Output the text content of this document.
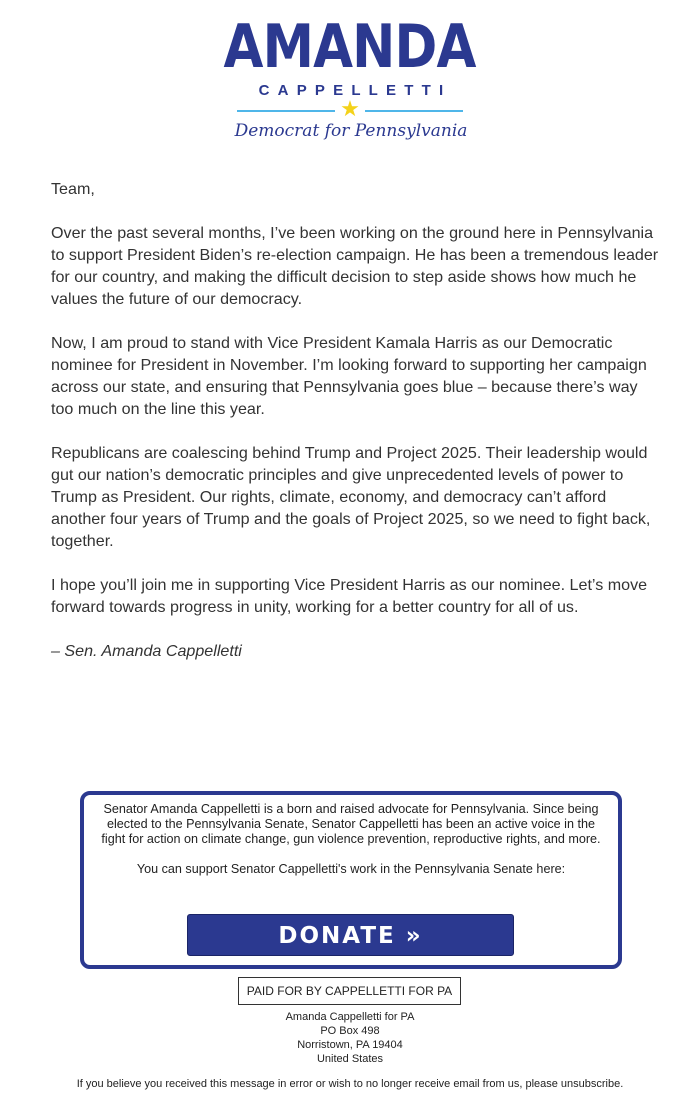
AMANDA
CAPPELLETTI
★
Democrat for Pennsylvania

Team,

Over the past several months, I’ve been working on the ground here in Pennsylvania to support President Biden’s re-election campaign. He has been a tremendous leader for our country, and making the difficult decision to step aside shows how much he values the future of our democracy.

Now, I am proud to stand with Vice President Kamala Harris as our Democratic nominee for President in November. I’m looking forward to supporting her campaign across our state, and ensuring that Pennsylvania goes blue – because there’s way too much on the line this year.

Republicans are coalescing behind Trump and Project 2025. Their leadership would gut our nation’s democratic principles and give unprecedented levels of power to Trump as President. Our rights, climate, economy, and democracy can’t afford another four years of Trump and the goals of Project 2025, so we need to fight back, together.

I hope you’ll join me in supporting Vice President Harris as our nominee. Let’s move forward towards progress in unity, working for a better country for all of us.

– Sen. Amanda Cappelletti

Senator Amanda Cappelletti is a born and raised advocate for Pennsylvania. Since being elected to the Pennsylvania Senate, Senator Cappelletti has been an active voice in the fight for action on climate change, gun violence prevention, reproductive rights, and more.
You can support Senator Cappelletti's work in the Pennsylvania Senate here:
DONATE »
PAID FOR BY CAPPELLETTI FOR PA
Amanda Cappelletti for PA
PO Box 498
Norristown, PA 19404
United States
If you believe you received this message in error or wish to no longer receive email from us, please unsubscribe.
